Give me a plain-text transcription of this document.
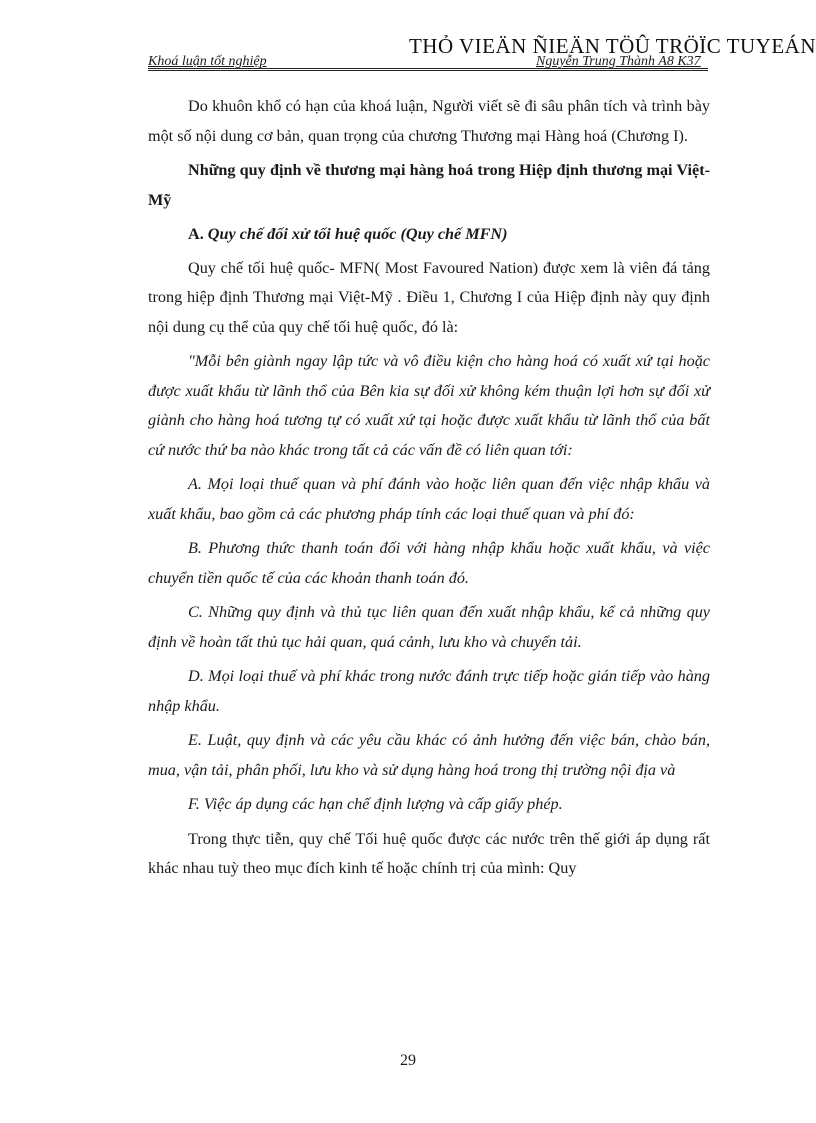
THỎ VIEÄN ÑIEÄN TÖÛ TRÖÏC TUYEÁN
Khoá luận tốt nghiệp	Nguyễn Trung Thành A8 K37

Do khuôn khổ có hạn của khoá luận, Người viết sẽ đi sâu phân tích và trình bày một số nội dung cơ bản, quan trọng của chương Thương mại Hàng hoá (Chương I).

Những quy định về thương mại hàng hoá trong Hiệp định thương mại Việt- Mỹ

A. Quy chế đối xử tối huệ quốc (Quy chế MFN)

Quy chế tối huệ quốc- MFN( Most Favoured Nation) được xem là viên đá tảng trong hiệp định Thương mại Việt-Mỹ . Điều 1, Chương I của Hiệp định này quy định nội dung cụ thể của quy chế tối huệ quốc, đó là:

"Mỗi bên giành ngay lập tức và vô điều kiện cho hàng hoá có xuất xứ tại hoặc được xuất khẩu từ lãnh thổ của Bên kia sự đối xử không kém thuận lợi hơn sự đối xử giành cho hàng hoá tương tự có xuất xứ tại hoặc được xuất khẩu từ lãnh thổ của bất cứ nước thứ ba nào khác trong tất cả các vấn đề có liên quan tới:

A. Mọi loại thuế quan và phí đánh vào hoặc liên quan đến việc nhập khẩu và xuất khẩu, bao gồm cả các phương pháp tính các loại thuế quan và phí đó:

B. Phương thức thanh toán đối với hàng nhập khẩu hoặc xuất khẩu, và việc chuyển tiền quốc tế của các khoản thanh toán đó.

C. Những quy định và thủ tục liên quan đến xuất nhập khẩu, kể cả những quy định về hoàn tất thủ tục hải quan, quá cảnh, lưu kho và chuyển tải.

D. Mọi loại thuế và phí khác trong nước đánh trực tiếp hoặc gián tiếp vào hàng nhập khẩu.

E. Luật, quy định và các yêu cầu khác có ảnh hưởng đến việc bán, chào bán, mua, vận tải, phân phối, lưu kho và sử dụng hàng hoá trong thị trường nội địa và

F. Việc áp dụng các hạn chế định lượng và cấp giấy phép.

Trong thực tiễn, quy chế Tối huệ quốc được các nước trên thế giới áp dụng rất khác nhau tuỳ theo mục đích kinh tế hoặc chính trị của mình: Quy

29
